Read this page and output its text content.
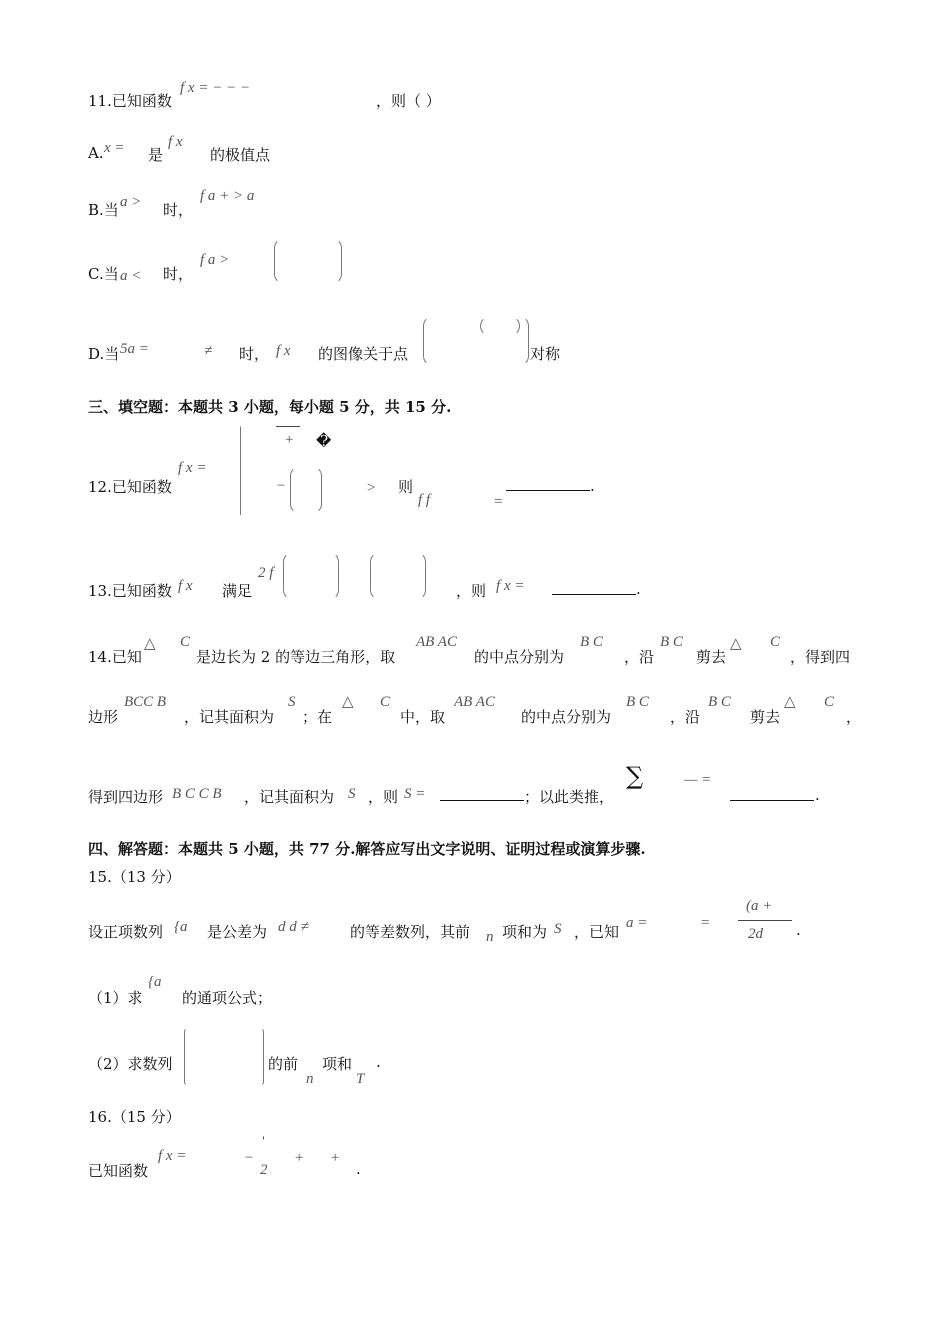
11.已知函数
f x = − − −
，则（ ）
A. x = 是
f x
的极值点
B.当 a > 时，
f a + > a
C.当 a < 时，
f a >
D.当 5a =	≠ 时， f x 的图像关于点	对称
三、填空题：本题共 3 小题，每小题 5 分，共 15 分.
12.已知函数
f x =
+ �
−	> 则
f f	=
.
13.已知函数 f x 满足
2 f
，则 f x =	.
14.已知
△ C
是边长为 2 的等边三角形，取
AB AC
的中点分别为
B C
，沿
B C
剪去
△ C
，得到四
边形
BCC B
，记其面积为
S
；在
△ C
中，取
AB AC
的中点分别为
B C
，沿
B C
剪去
△ C
，
得到四边形 B C C B ，记其面积为 S ，则 S =	；以此类推，
∑	— =
.
四、解答题：本题共 5 小题，共 77 分.解答应写出文字说明、证明过程或演算步骤.
15.（13 分）
设正项数列 {a 是公差为 d d ≠	的等差数列，其前 n 项和为 S ，已知 a =	=
(a +
2d .
（1）求
{a
的通项公式；
（2）求数列	的前
n
项和
T
.
16.（15 分）
已知函数
f x =	−
'
2
+ +
.
